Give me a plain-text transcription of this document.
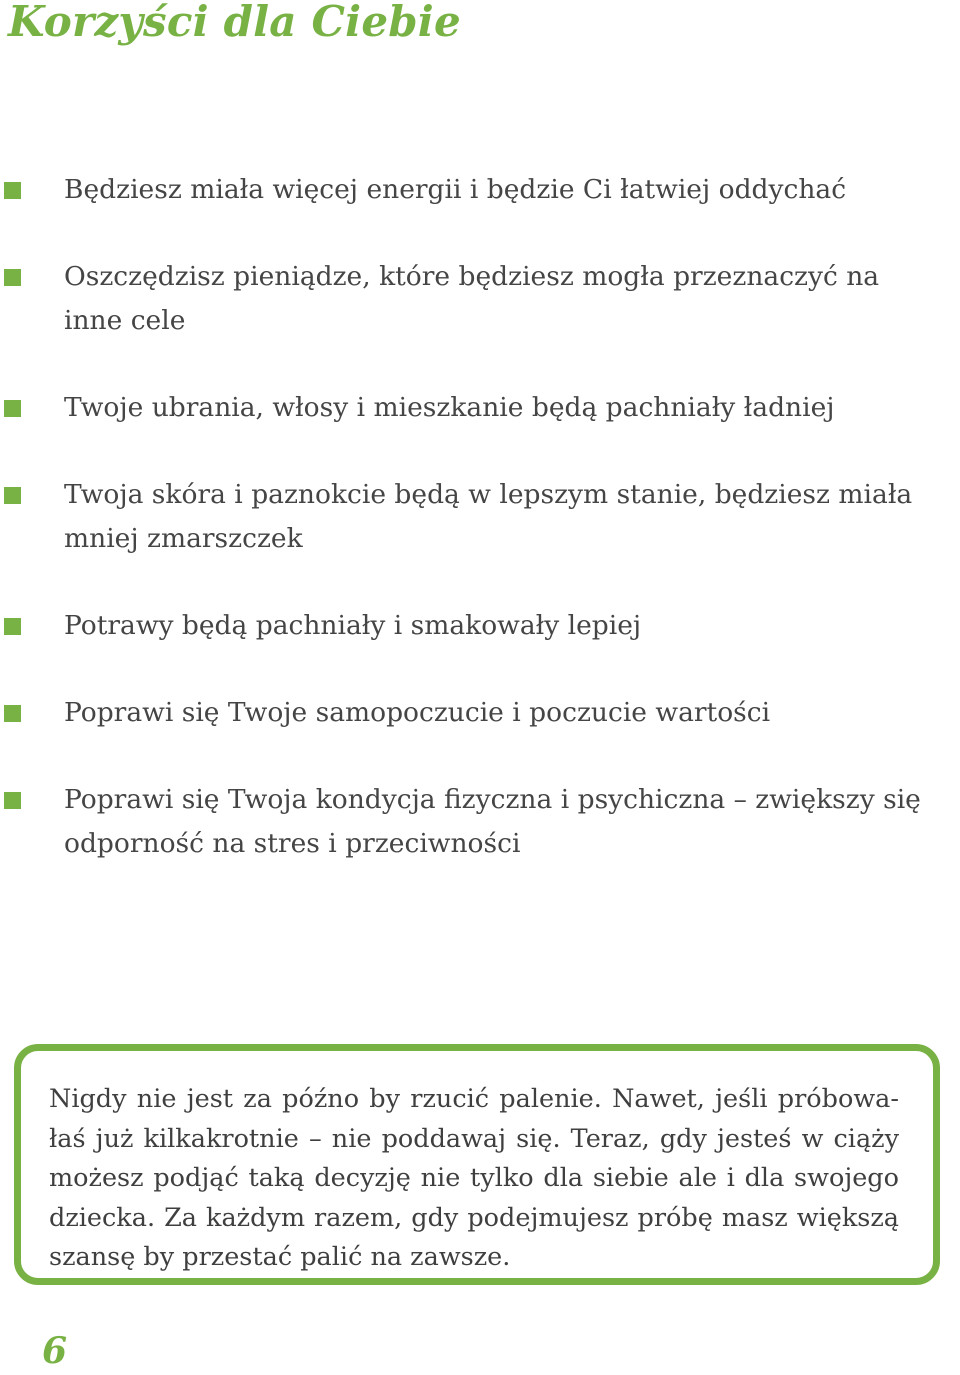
Korzyści dla Ciebie
Będziesz miała więcej energii i będzie Ci łatwiej oddychać
Oszczędzisz pieniądze, które będziesz mogła przeznaczyć na inne cele
Twoje ubrania, włosy i mieszkanie będą pachniały ładniej
Twoja skóra i paznokcie będą w lepszym stanie, będziesz miała mniej zmarszczek
Potrawy będą pachniały i smakowały lepiej
Poprawi się Twoje samopoczucie i poczucie wartości
Poprawi się Twoja kondycja fizyczna i psychiczna – zwiększy się odporność na stres i przeciwności

Nigdy nie jest za późno by rzucić palenie. Nawet, jeśli próbowałaś już kilkakrotnie – nie poddawaj się. Teraz, gdy jesteś w ciąży możesz podjąć taką decyzję nie tylko dla siebie ale i dla swojego dziecka. Za każdym razem, gdy podejmujesz próbę masz większą szansę by przestać palić na zawsze.

6
